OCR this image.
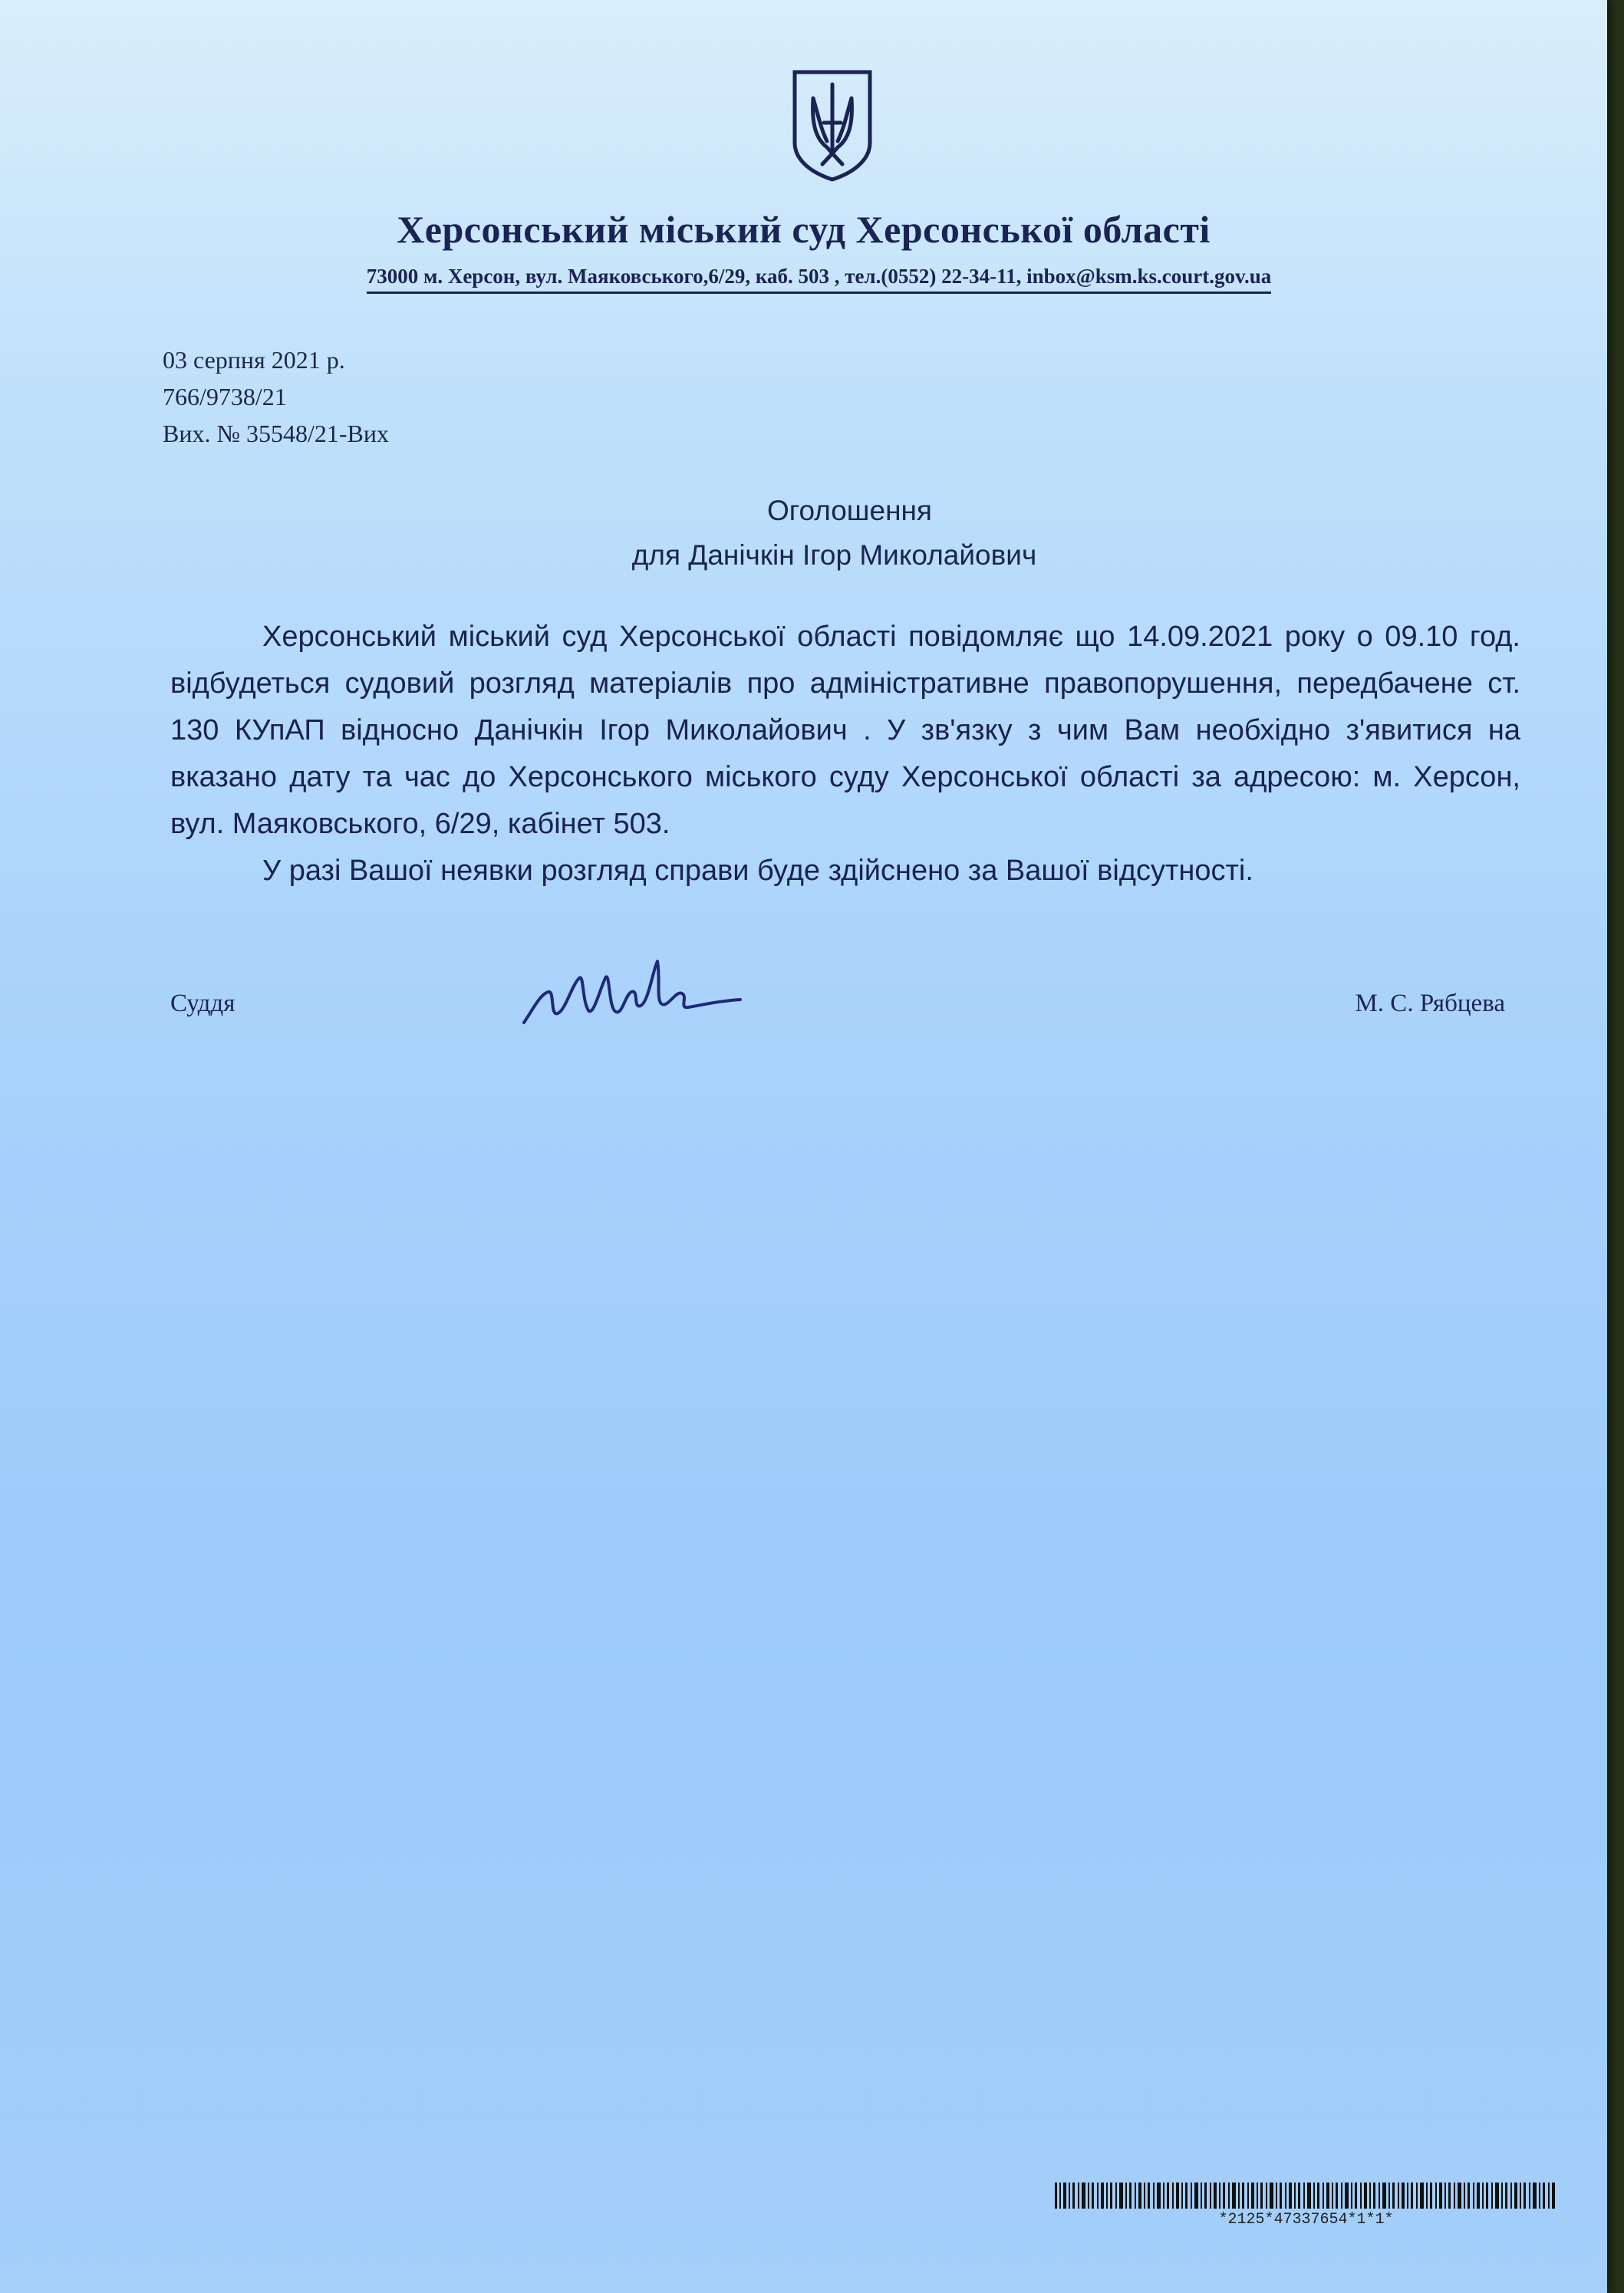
Херсонський міський суд Херсонської області
73000 м. Херсон, вул. Маяковського,6/29, каб. 503 , тел.(0552) 22-34-11, inbox@ksm.ks.court.gov.ua
03 серпня 2021 р.
766/9738/21
Вих. № 35548/21-Вих
Оголошення
для Данічкін Ігор Миколайович

Херсонський міський суд Херсонської області повідомляє що 14.09.2021 року о 09.10 год. відбудеться судовий розгляд матеріалів про адміністративне правопорушення, передбачене ст. 130 КУпАП відносно Данічкін Ігор Миколайович . У зв'язку з чим Вам необхідно з'явитися на вказано дату та час до Херсонського міського суду Херсонської області за адресою: м. Херсон, вул. Маяковського, 6/29, кабінет 503.

У разі Вашої неявки розгляд справи буде здійснено за Вашої відсутності.

Суддя	М. С. Рябцева
*2125*47337654*1*1*
